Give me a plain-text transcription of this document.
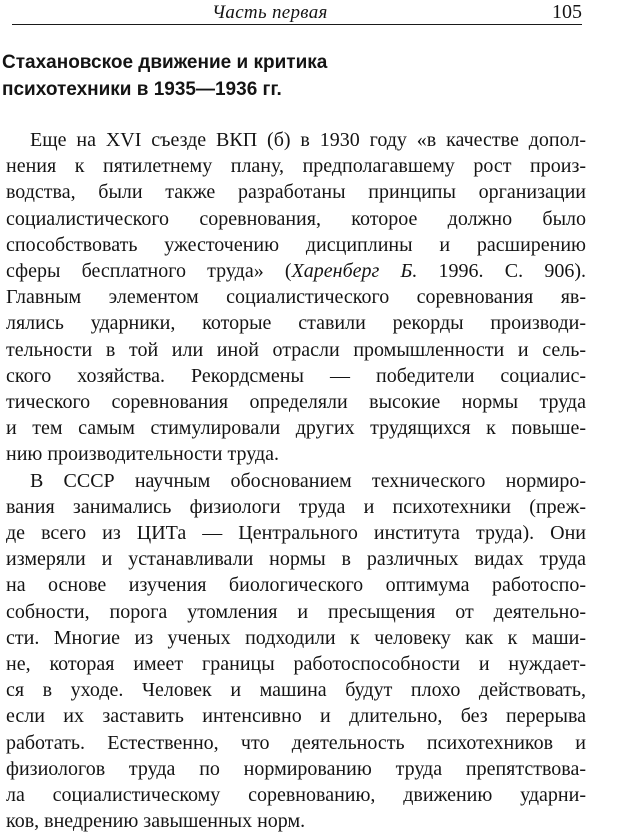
Часть первая	105
Стахановское движение и критика
психотехники в 1935—1936 гг.
Еще на XVI съезде ВКП (б) в 1930 году «в качестве допол-
нения к пятилетнему плану, предполагавшему рост произ-
водства, были также разработаны принципы организации
социалистического соревнования, которое должно было
способствовать ужесточению дисциплины и расширению
сферы бесплатного труда» (Харенберг Б. 1996. С. 906).
Главным элементом социалистического соревнования яв-
лялись ударники, которые ставили рекорды производи-
тельности в той или иной отрасли промышленности и сель-
ского хозяйства. Рекордсмены — победители социалис-
тического соревнования определяли высокие нормы труда
и тем самым стимулировали других трудящихся к повыше-
нию производительности труда.
В СССР научным обоснованием технического нормиро-
вания занимались физиологи труда и психотехники (преж-
де всего из ЦИТа — Центрального института труда). Они
измеряли и устанавливали нормы в различных видах труда
на основе изучения биологического оптимума работоспо-
собности, порога утомления и пресыщения от деятельно-
сти. Многие из ученых подходили к человеку как к маши-
не, которая имеет границы работоспособности и нуждает-
ся в уходе. Человек и машина будут плохо действовать,
если их заставить интенсивно и длительно, без перерыва
работать. Естественно, что деятельность психотехников и
физиологов труда по нормированию труда препятствова-
ла социалистическому соревнованию, движению ударни-
ков, внедрению завышенных норм.
